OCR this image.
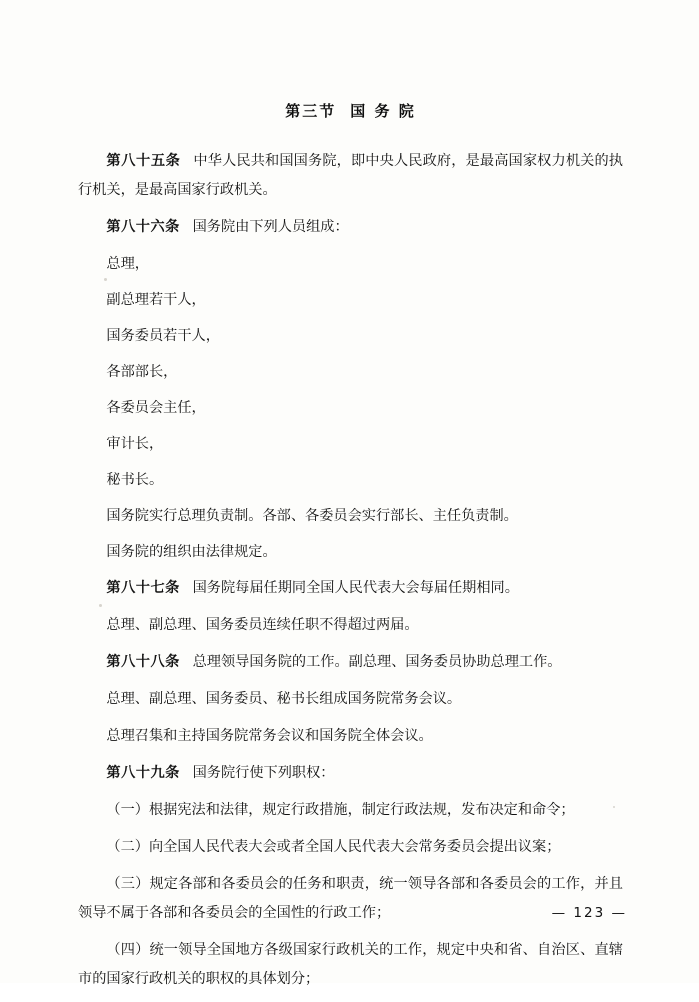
第三节 国 务 院

第八十五条 中华人民共和国国务院，即中央人民政府，是最高国家权力机关的执行机关，是最高国家行政机关。

第八十六条 国务院由下列人员组成：

总理，

副总理若干人，

国务委员若干人，

各部部长，

各委员会主任，

审计长，

秘书长。

国务院实行总理负责制。各部、各委员会实行部长、主任负责制。

国务院的组织由法律规定。

第八十七条 国务院每届任期同全国人民代表大会每届任期相同。

总理、副总理、国务委员连续任职不得超过两届。

第八十八条 总理领导国务院的工作。副总理、国务委员协助总理工作。

总理、副总理、国务委员、秘书长组成国务院常务会议。

总理召集和主持国务院常务会议和国务院全体会议。

第八十九条 国务院行使下列职权：

（一）根据宪法和法律，规定行政措施，制定行政法规，发布决定和命令；

（二）向全国人民代表大会或者全国人民代表大会常务委员会提出议案；

（三）规定各部和各委员会的任务和职责，统一领导各部和各委员会的工作，并且领导不属于各部和各委员会的全国性的行政工作；

（四）统一领导全国地方各级国家行政机关的工作，规定中央和省、自治区、直辖市的国家行政机关的职权的具体划分；

— 123 —
